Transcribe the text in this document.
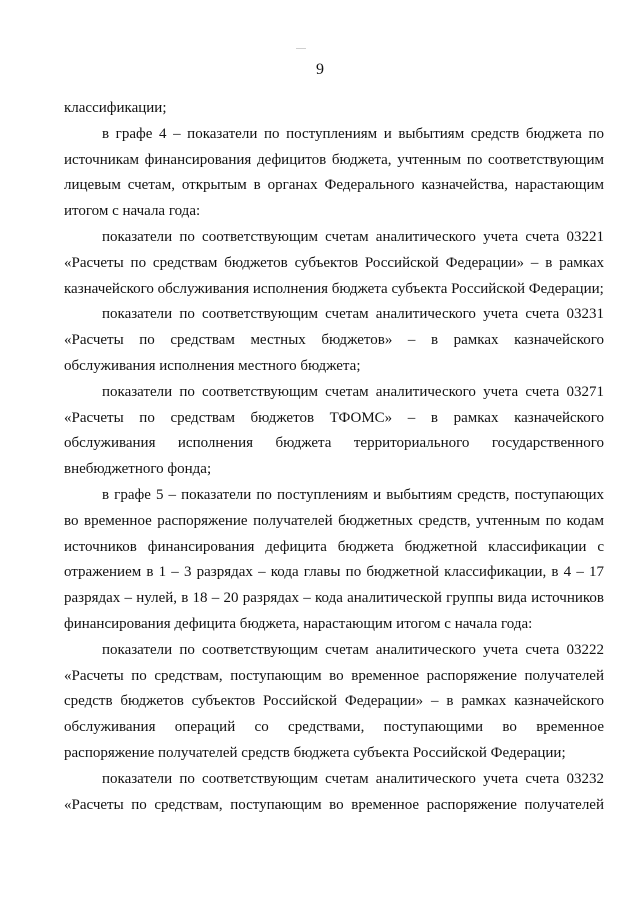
9

классификации;

в графе 4 – показатели по поступлениям и выбытиям средств бюджета по источникам финансирования дефицитов бюджета, учтенным по соответствующим лицевым счетам, открытым в органах Федерального казначейства, нарастающим итогом с начала года:

показатели по соответствующим счетам аналитического учета счета 03221 «Расчеты по средствам бюджетов субъектов Российской Федерации» – в рамках казначейского обслуживания исполнения бюджета субъекта Российской Федерации;

показатели по соответствующим счетам аналитического учета счета 03231 «Расчеты по средствам местных бюджетов» – в рамках казначейского обслуживания исполнения местного бюджета;

показатели по соответствующим счетам аналитического учета счета 03271 «Расчеты по средствам бюджетов ТФОМС» – в рамках казначейского обслуживания исполнения бюджета территориального государственного внебюджетного фонда;

в графе 5 – показатели по поступлениям и выбытиям средств, поступающих во временное распоряжение получателей бюджетных средств, учтенным по кодам источников финансирования дефицита бюджета бюджетной классификации с отражением в 1 – 3 разрядах – кода главы по бюджетной классификации, в 4 – 17 разрядах – нулей, в 18 – 20 разрядах – кода аналитической группы вида источников финансирования дефицита бюджета, нарастающим итогом с начала года:

показатели по соответствующим счетам аналитического учета счета 03222 «Расчеты по средствам, поступающим во временное распоряжение получателей средств бюджетов субъектов Российской Федерации» – в рамках казначейского обслуживания операций со средствами, поступающими во временное распоряжение получателей средств бюджета субъекта Российской Федерации;

показатели по соответствующим счетам аналитического учета счета 03232 «Расчеты по средствам, поступающим во временное распоряжение получателей
